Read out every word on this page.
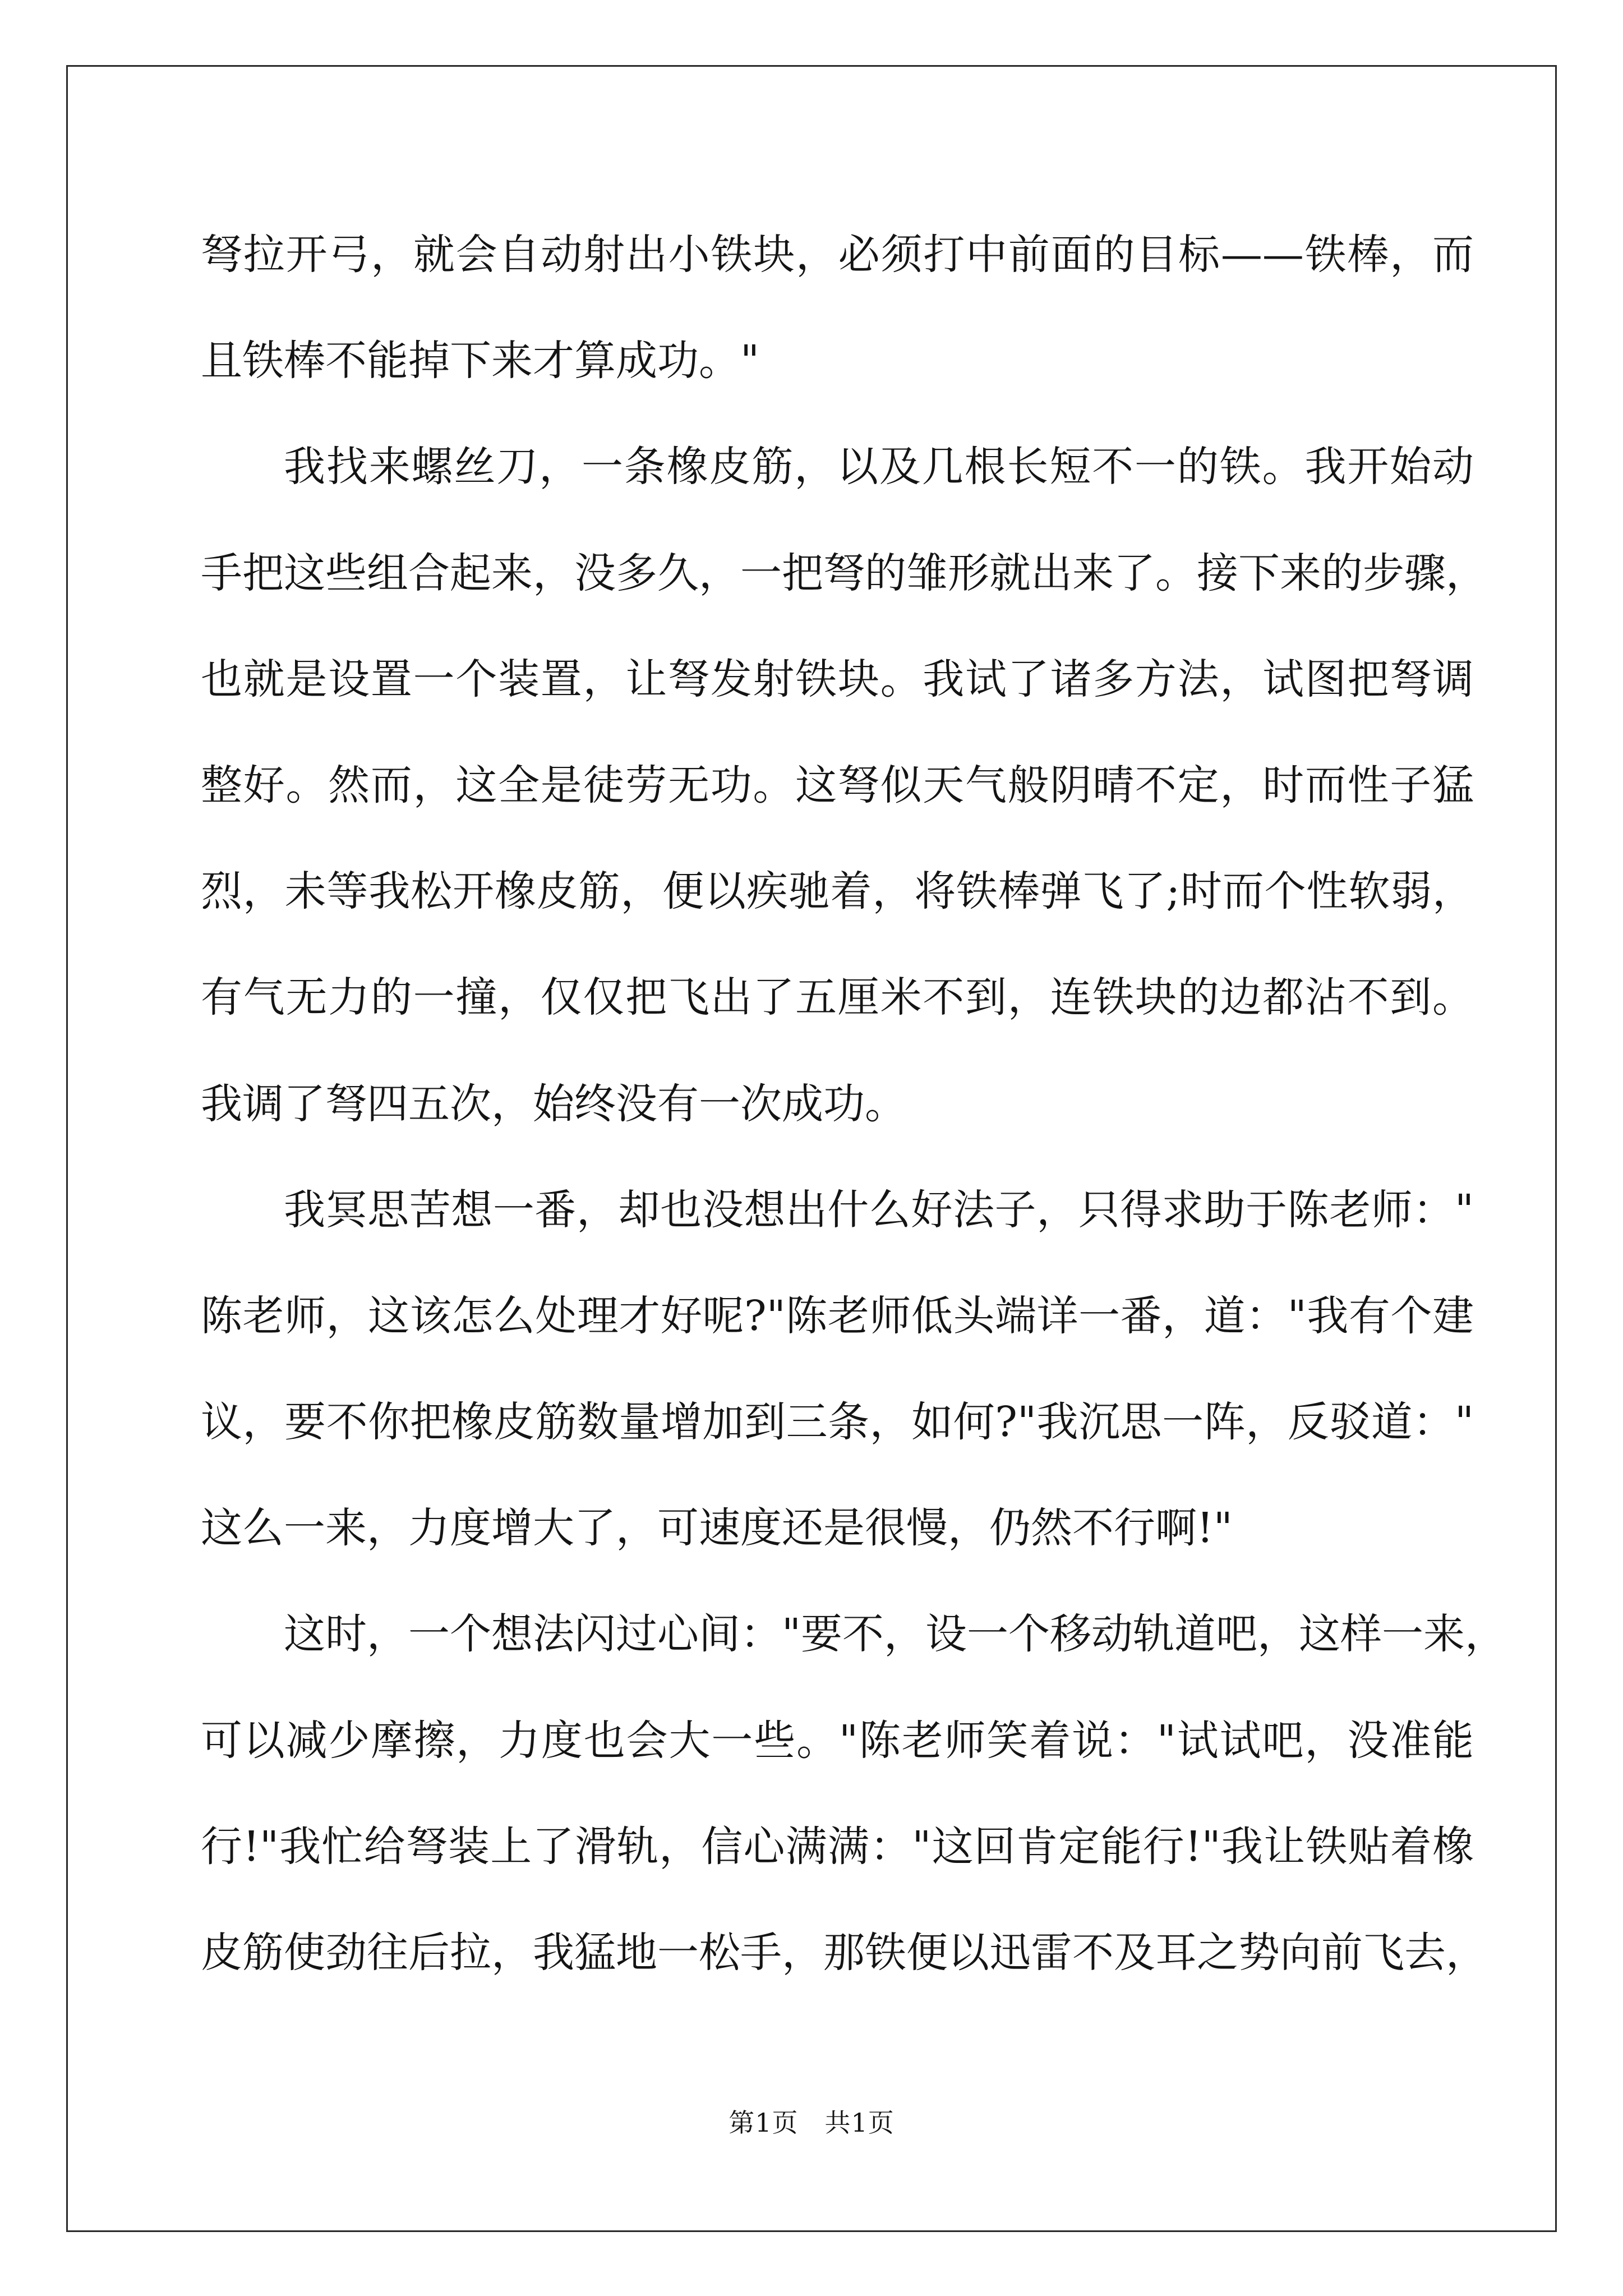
弩拉开弓，就会自动射出小铁块，必须打中前面的目标——铁棒，而
且铁棒不能掉下来才算成功。"
我找来螺丝刀，一条橡皮筋，以及几根长短不一的铁。我开始动
手把这些组合起来，没多久，一把弩的雏形就出来了。接下来的步骤，
也就是设置一个装置，让弩发射铁块。我试了诸多方法，试图把弩调
整好。然而，这全是徒劳无功。这弩似天气般阴晴不定，时而性子猛
烈，未等我松开橡皮筋，便以疾驰着，将铁棒弹飞了;时而个性软弱，
有气无力的一撞，仅仅把飞出了五厘米不到，连铁块的边都沾不到。
我调了弩四五次，始终没有一次成功。
我冥思苦想一番，却也没想出什么好法子，只得求助于陈老师："
陈老师，这该怎么处理才好呢?"陈老师低头端详一番，道："我有个建
议，要不你把橡皮筋数量增加到三条，如何?"我沉思一阵，反驳道："
这么一来，力度增大了，可速度还是很慢，仍然不行啊!"
这时，一个想法闪过心间："要不，设一个移动轨道吧，这样一来，
可以减少摩擦，力度也会大一些。"陈老师笑着说："试试吧，没准能
行!"我忙给弩装上了滑轨，信心满满："这回肯定能行!"我让铁贴着橡
皮筋使劲往后拉，我猛地一松手，那铁便以迅雷不及耳之势向前飞去，
第1页　共1页
